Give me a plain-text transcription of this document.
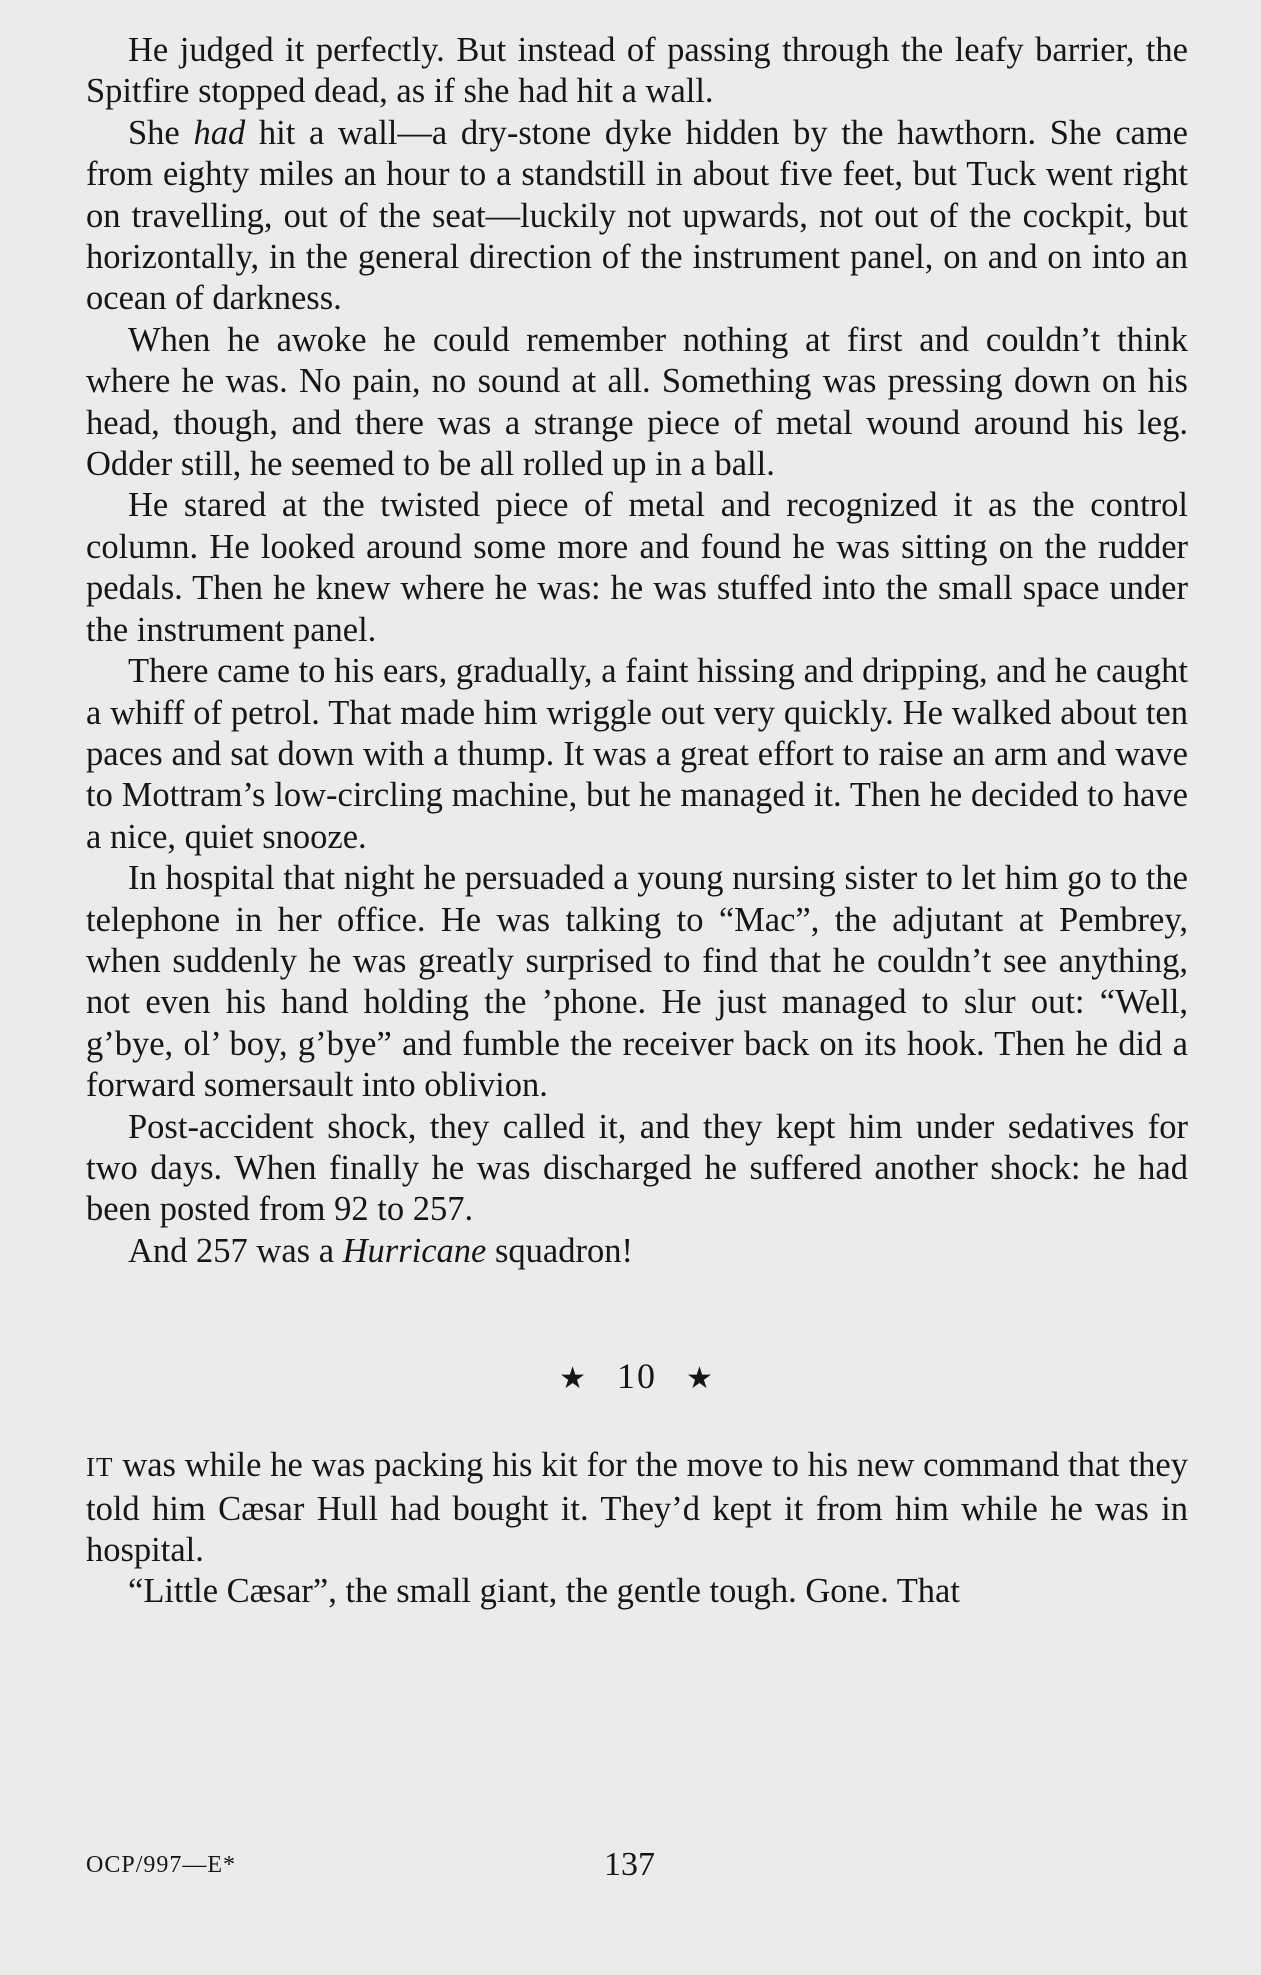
He judged it perfectly. But instead of passing through the leafy barrier, the Spitfire stopped dead, as if she had hit a wall.

She had hit a wall—a dry-stone dyke hidden by the hawthorn. She came from eighty miles an hour to a standstill in about five feet, but Tuck went right on travelling, out of the seat—luckily not upwards, not out of the cockpit, but horizontally, in the general direction of the instrument panel, on and on into an ocean of darkness.

When he awoke he could remember nothing at first and couldn’t think where he was. No pain, no sound at all. Something was pressing down on his head, though, and there was a strange piece of metal wound around his leg. Odder still, he seemed to be all rolled up in a ball.

He stared at the twisted piece of metal and recognized it as the control column. He looked around some more and found he was sitting on the rudder pedals. Then he knew where he was: he was stuffed into the small space under the instrument panel.

There came to his ears, gradually, a faint hissing and dripping, and he caught a whiff of petrol. That made him wriggle out very quickly. He walked about ten paces and sat down with a thump. It was a great effort to raise an arm and wave to Mottram’s low-circling machine, but he managed it. Then he decided to have a nice, quiet snooze.

In hospital that night he persuaded a young nursing sister to let him go to the telephone in her office. He was talking to “Mac”, the adjutant at Pembrey, when suddenly he was greatly surprised to find that he couldn’t see anything, not even his hand holding the ’phone. He just managed to slur out: “Well, g’bye, ol’ boy, g’bye” and fumble the receiver back on its hook. Then he did a forward somersault into oblivion.

Post-accident shock, they called it, and they kept him under sedatives for two days. When finally he was discharged he suffered another shock: he had been posted from 92 to 257.

And 257 was a Hurricane squadron!

★ 10 ★

IT was while he was packing his kit for the move to his new command that they told him Cæsar Hull had bought it. They’d kept it from him while he was in hospital.

“Little Cæsar”, the small giant, the gentle tough. Gone. That

OCP/997—E*	137
